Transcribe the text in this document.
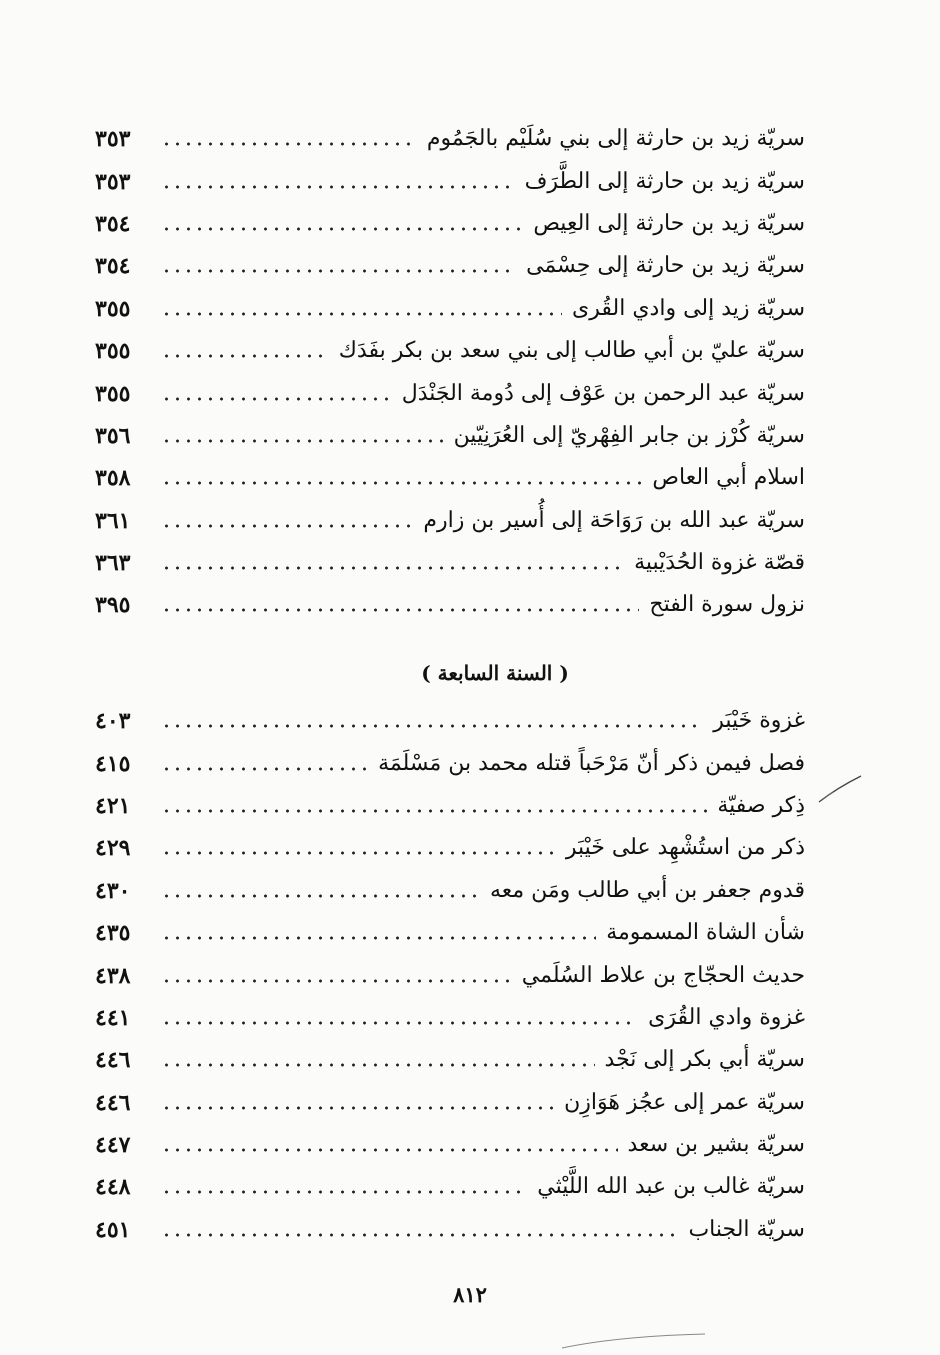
سريّة زيد بن حارثة إلى بني سُلَيْم بالجَمُوم
٣٥٣
سريّة زيد بن حارثة إلى الطَّرَف
٣٥٣
سريّة زيد بن حارثة إلى العِيص
٣٥٤
سريّة زيد بن حارثة إلى حِسْمَى
٣٥٤
سريّة زيد إلى وادي القُرى
٣٥٥
سريّة عليّ بن أبي طالب إلى بني سعد بن بكر بفَدَك
٣٥٥
سريّة عبد الرحمن بن عَوْف إلى دُومة الجَنْدَل
٣٥٥
سريّة كُرْز بن جابر الفِهْريّ إلى العُرَنِيّين
٣٥٦
اسلام أبي العاص
٣٥٨
سريّة عبد الله بن رَوَاحَة إلى أُسير بن زارم
٣٦١
قصّة غزوة الحُدَيْبية
٣٦٣
نزول سورة الفتح
٣٩٥
( السنة السابعة )
غزوة خَيْبَر
٤٠٣
فصل فيمن ذكر أنّ مَرْحَباً قتله محمد بن مَسْلَمَة
٤١٥
ذِكر صفيّة
٤٢١
ذكر من استُشْهِد على خَيْبَر
٤٢٩
قدوم جعفر بن أبي طالب ومَن معه
٤٣٠
شأن الشاة المسمومة
٤٣٥
حديث الحجّاج بن علاط السُلَمي
٤٣٨
غزوة وادي القُرَى
٤٤١
سريّة أبي بكر إلى نَجْد
٤٤٦
سريّة عمر إلى عجُز هَوَازِن
٤٤٦
سريّة بشير بن سعد
٤٤٧
سريّة غالب بن عبد الله اللَّيْثي
٤٤٨
سريّة الجناب
٤٥١
٨١٢
